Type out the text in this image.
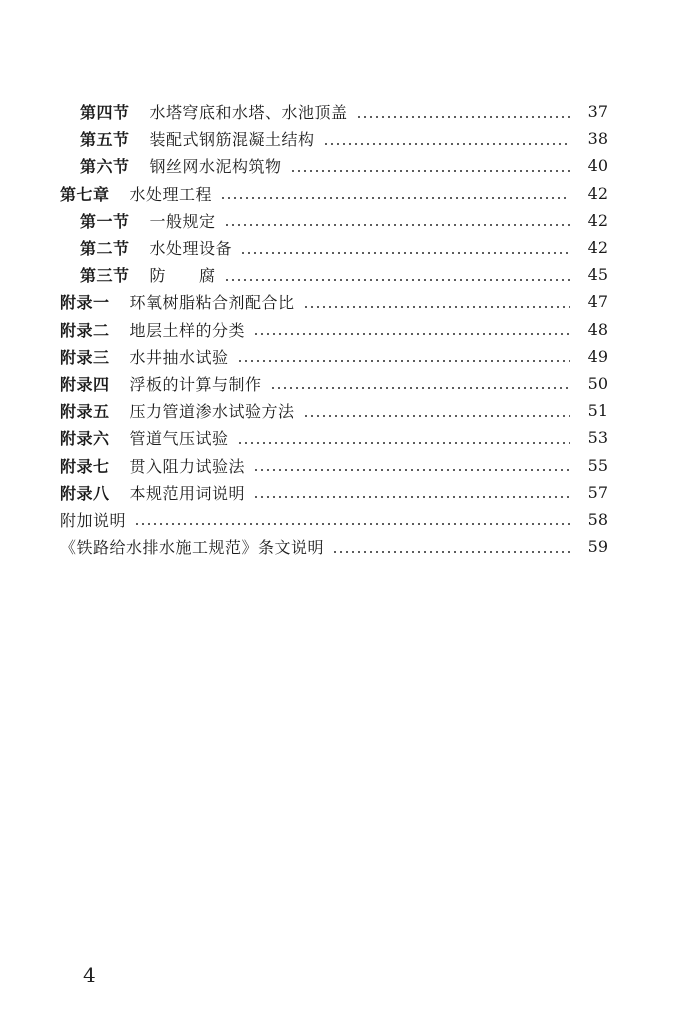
第四节 水塔穹底和水塔、水池顶盖	37
第五节 装配式钢筋混凝土结构	38
第六节 钢丝网水泥构筑物	40
第七章 水处理工程	42
第一节 一般规定	42
第二节 水处理设备	42
第三节 防　　腐	45
附录一 环氧树脂粘合剂配合比	47
附录二 地层土样的分类	48
附录三 水井抽水试验	49
附录四 浮板的计算与制作	50
附录五 压力管道渗水试验方法	51
附录六 管道气压试验	53
附录七 贯入阻力试验法	55
附录八 本规范用词说明	57
附加说明	58
《铁路给水排水施工规范》条文说明	59
4
